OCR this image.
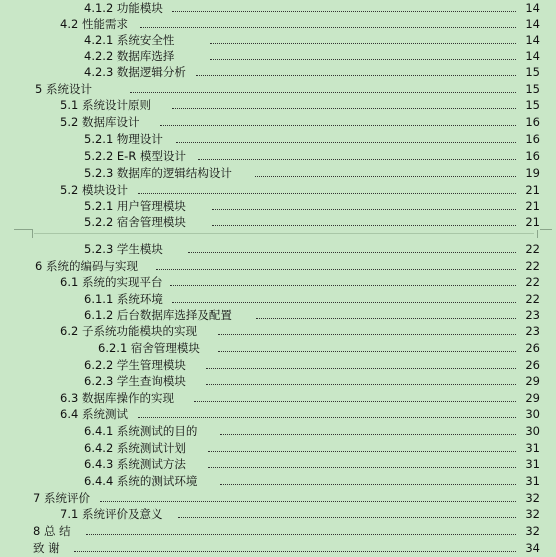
4.1.2 功能模块	14
4.2 性能需求	14
4.2.1 系统安全性	14
4.2.2 数据库选择	14
4.2.3 数据逻辑分析	15
5 系统设计	15
5.1 系统设计原则	15
5.2 数据库设计	16
5.2.1 物理设计	16
5.2.2 E-R 模型设计	16
5.2.3 数据库的逻辑结构设计	19
5.2 模块设计	21
5.2.1 用户管理模块	21
5.2.2 宿舍管理模块	21
5.2.3 学生模块	22
6 系统的编码与实现	22
6.1 系统的实现平台	22
6.1.1 系统环境	22
6.1.2 后台数据库选择及配置	23
6.2 子系统功能模块的实现	23
6.2.1 宿舍管理模块	26
6.2.2 学生管理模块	26
6.2.3 学生查询模块	29
6.3 数据库操作的实现	29
6.4 系统测试	30
6.4.1 系统测试的目的	30
6.4.2 系统测试计划	31
6.4.3 系统测试方法	31
6.4.4 系统的测试环境	31
7 系统评价	32
7.1 系统评价及意义	32
8 总 结	32
致 谢	34
